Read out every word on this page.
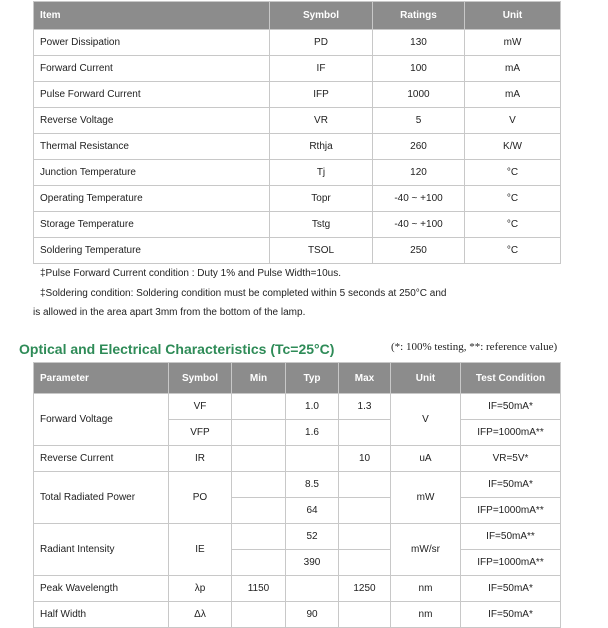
Item	Symbol	Ratings	Unit
Power Dissipation	PD	130	mW
Forward Current	IF	100	mA
Pulse Forward Current	IFP	1000	mA
Reverse Voltage	VR	5	V
Thermal Resistance	Rthja	260	K/W
Junction Temperature	Tj	120	°C
Operating Temperature	Topr	-40 ~ +100	°C
Storage Temperature	Tstg	-40 ~ +100	°C
Soldering Temperature	TSOL	250	°C
‡Pulse Forward Current condition : Duty 1% and Pulse Width=10us.
‡Soldering condition: Soldering condition must be completed within 5 seconds at 250°C and
is allowed in the area apart 3mm from the bottom of the lamp.
Optical and Electrical Characteristics (Tc=25°C)	(*: 100% testing, **: reference value)
Parameter	Symbol	Min	Typ	Max	Unit	Test Condition
Forward Voltage	VF		1.0	1.3	V	IF=50mA*
	VFP		1.6			IFP=1000mA**
Reverse Current	IR			10	uA	VR=5V*
Total Radiated Power	PO		8.5		mW	IF=50mA*
			64			IFP=1000mA**
Radiant Intensity	IE		52		mW/sr	IF=50mA**
			390			IFP=1000mA**
Peak Wavelength	λp	1150		1250	nm	IF=50mA*
Half Width	Δλ		90		nm	IF=50mA*
